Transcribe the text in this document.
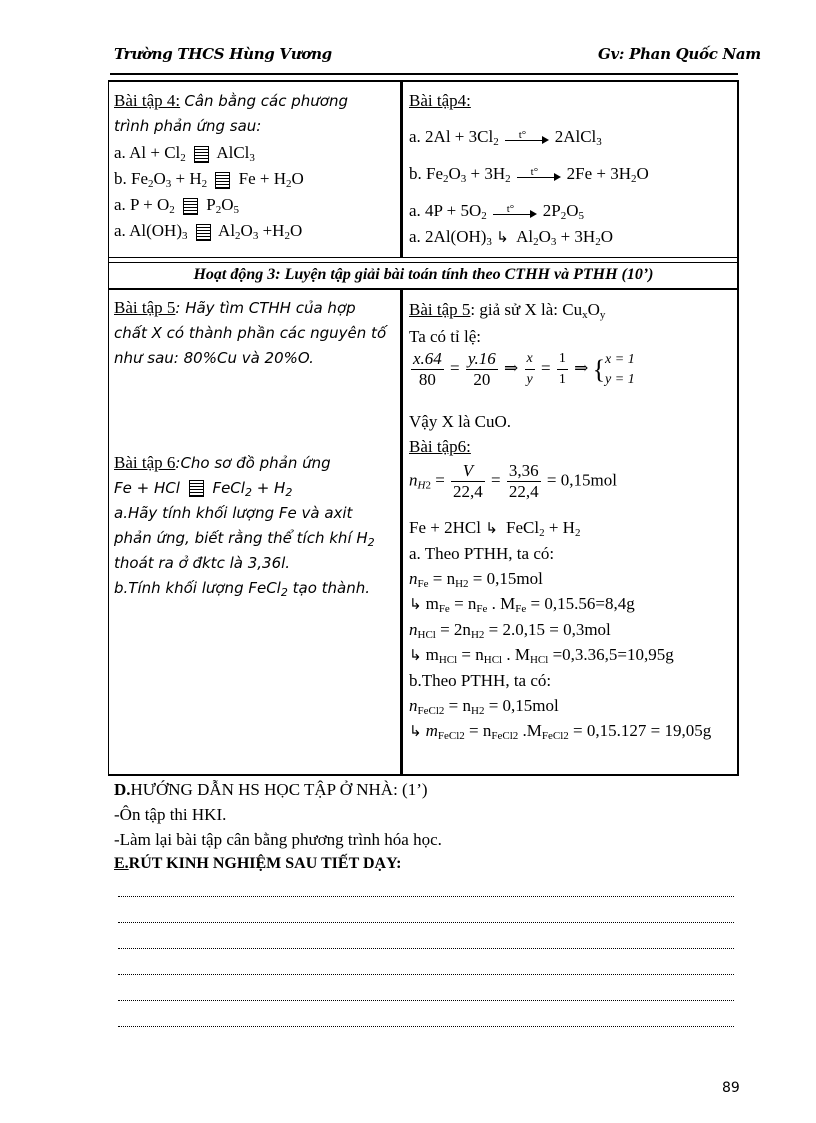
Trường THCS Hùng Vương	Gv: Phan Quốc Nam
Bài tập 4: Cân bằng các phương
trình phản ứng sau:
a. $Al + Cl_2$ AlCl$_3$
b. $Fe_2O_3 + H_2$ $Fe + H_2O$
a. $P + O_2$ $P_2O_5$
a. $Al(OH)_3$ $Al_2O_3 +H_2O$
Bài tập4:
a. $2Al + 3Cl_2$
t° 2AlCl$_3$
b. $Fe_2O_3 + 3H_2$
t° $2Fe + 3H_2O$
a. $4P + 5O_2$
t° $2P_2O_5$
a. $2Al(OH)_3$ ↳ $Al_2O_3 + 3H_2O$
Hoạt động 3: Luyện tập giải bài toán tính theo CTHH và PTHH (10’)
Bài tập 5: Hãy tìm CTHH của hợp
chất X có thành phần các nguyên tố
như sau: 80%Cu và 20%O.
Bài tập 5: giả sử X là: $Cu_xO_y$
Ta có tỉ lệ:
$\frac{x.64}{80} = \frac{y.16}{20}$ ⇒ $\frac{x}{y} = \frac{1}{1}$ ⇒ { x = 1
y = 1
Vậy X là CuO.
Bài tập6:
Bài tập 6:Cho sơ đồ phản ứng
Fe + HCl FeCl$_2$ + $H_2$
a.Hãy tính khối lượng Fe và axit
phản ứng, biết rằng thể tích khí $H_2$
thoát ra ở đktc là 3,36l.
b.Tính khối lượng FeCl$_2$ tạo thành.
$n_{H2} = \frac{V}{22,4} = \frac{3,36}{22,4} = 0,15mol$
Fe + 2HCl ↳ FeCl$_2$ + $H_2$
a. Theo PTHH, ta có:
$n_{Fe} = n_{H2} = 0,15mol$
↳ $m_{Fe} = n_{Fe}$ . $M_{Fe} = 0,15.56=8,4g$
$n_{HCl} = 2n_{H2} = 2.0,15 = 0,3mol$
↳ $m_{HCl} = n_{HCl}$ . $M_{HCl} =0,3.36,5=10,95g$
b.Theo PTHH, ta có:
$n_{FeCl2} = n_{H2} = 0,15mol$
↳ $m_{FeCl2} = n_{FeCl2}$ $.M_{FeCl2} = 0,15.127 = 19,05g$
D.HƯỚNG DẪN HS HỌC TẬP Ở NHÀ: (1’)
-Ôn tập thi HKI.
-Làm lại bài tập cân bằng phương trình hóa học.
E.RÚT KINH NGHIỆM SAU TIẾT DẠY:
89
